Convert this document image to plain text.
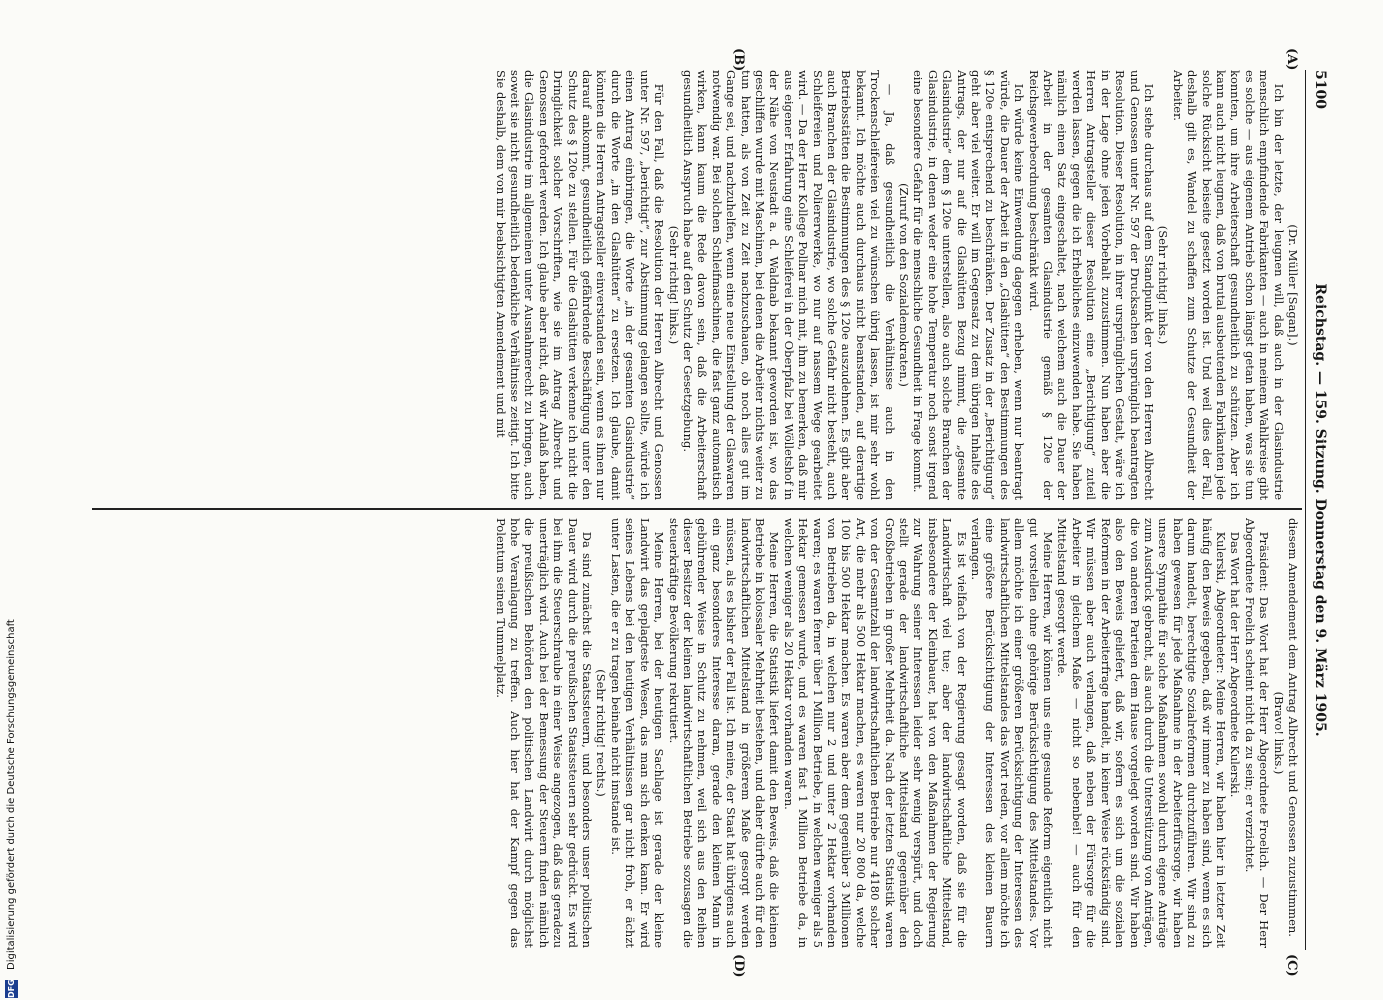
5100
Reichstag. — 159. Sitzung. Donnerstag den 9. März 1905.
(A)
(B)
(C)
(D)

(Dr. Müller [Sagan].)

Ich bin der letzte, der leugnen will, daß auch in der Glasindustrie menschlich empfindende Fabrikanten — auch in meinem Wahlkreise gibt es solche — aus eigenem Antrieb schon längst getan haben, was sie tun konnten, um ihre Arbeiterschaft gesundheitlich zu schützen. Aber ich kann auch nicht leugnen, daß von brutal ausbeutenden Fabrikanten jede solche Rücksicht beiseite gesetzt worden ist. Und weil dies der Fall, deshalb gilt es, Wandel zu schaffen zum Schutze der Gesundheit der Arbeiter.

(Sehr richtig! links.)

Ich stehe durchaus auf dem Standpunkt der von den Herren Albrecht und Genossen unter Nr. 597 der Drucksachen ursprünglich beantragten Resolution. Dieser Resolution, in ihrer ursprünglichen Gestalt, wäre ich in der Lage ohne jeden Vorbehalt zuzustimmen. Nun haben aber die Herren Antragsteller dieser Resolution eine „Berichtigung“ zuteil werden lassen, gegen die ich Erhebliches einzuwenden habe. Sie haben nämlich einen Satz eingeschaltet, nach welchem auch die Dauer der Arbeit in der gesamten Glasindustrie gemäß § 120e der Reichsgewerbeordnung beschränkt wird.

Ich würde keine Einwendung dagegen erheben, wenn nur beantragt würde, die Dauer der Arbeit in den „Glashütten“ den Bestimmungen des § 120e entsprechend zu beschränken. Der Zusatz in der „Berichtigung“ geht aber viel weiter. Er will im Gegensatz zu dem übrigen Inhalte des Antrags, der nur auf die Glashütten Bezug nimmt, die „gesamte Glasindustrie“ dem § 120e unterstellen, also auch solche Branchen der Glasindustrie, in denen weder eine hohe Temperatur noch sonst irgend eine besondere Gefahr für die menschliche Gesundheit in Frage kommt.

(Zuruf von den Sozialdemokraten.)

— Ja, daß gesundheitlich die Verhältnisse auch in den Trockenschleifereien viel zu wünschen übrig lassen, ist mir sehr wohl bekannt. Ich möchte auch durchaus nicht beanstanden, auf derartige Betriebsstätten die Bestimmungen des § 120e auszudehnen. Es gibt aber auch Branchen der Glasindustrie, wo solche Gefahr nicht besteht, auch Schleifereien und Poliererwerke, wo nur auf nassem Wege gearbeitet wird. — Da der Herr Kollege Pollnar mich mit, ihm zu bemerken, daß mir aus eigener Erfahrung eine Schleiferei in der Oberpfalz bei Wölletshof in der Nähe von Neustadt a. d. Waldnab bekannt geworden ist, wo das geschliffen wurde mit Maschinen, bei denen die Arbeiter nichts weiter zu tun hatten, als von Zeit zu Zeit nachzuschauen, ob noch alles gut im Gange sei, und nachzuhelfen, wenn eine neue Einstellung der Glaswaren notwendig war. Bei solchen Schleifmaschinen, die fast ganz automatisch wirken, kann kaum die Rede davon sein, daß die Arbeiterschaft gesundheitlich Anspruch habe auf den Schutz der Gesetzgebung.

(Sehr richtig! links.)

Für den Fall, daß die Resolution der Herren Albrecht und Genossen unter Nr. 597, „berichtigt“, zur Abstimmung gelangen sollte, würde ich einen Antrag einbringen, die Worte „in der gesamten Glasindustrie“ durch die Worte „in den Glashütten“ zu ersetzen. Ich glaube, damit könnten die Herren Antragsteller einverstanden sein, wenn es ihnen nur darauf ankommt, gesundheitlich gefährdende Beschäftigung unter den Schutz des § 120e zu stellen. Für die Glashütten verkenne ich nicht die Dringlichkeit solcher Vorschriften, wie sie im Antrag Albrecht und Genossen gefordert werden. Ich glaube aber nicht, daß wir Anlaß haben, die Glasindustrie im allgemeinen unter Ausnahmerecht zu bringen, auch soweit sie nicht gesundheitlich bedenkliche Verhältnisse zeitigt. Ich bitte Sie deshalb, dem von mir beabsichtigten Amendement und mit

diesem Amendement dem Antrag Albrecht und Genossen zuzustimmen.

(Bravo! links.)

Präsident: Das Wort hat der Herr Abgeordnete Froelich. — Der Herr Abgeordnete Froelich scheint nicht da zu sein; er verzichtet.

Das Wort hat der Herr Abgeordnete Kulerski.

Kulerski, Abgeordneter: Meine Herren, wir haben hier in letzter Zeit häufig den Beweis gegeben, daß wir immer zu haben sind, wenn es sich darum handelt, berechtigte Sozialreformen durchzuführen. Wir sind zu haben gewesen für jede Maßnahme in der Arbeiterfürsorge, wir haben unsere Sympathie für solche Maßnahmen sowohl durch eigene Anträge zum Ausdruck gebracht, als auch durch die Unterstützung von Anträgen, die von anderen Parteien dem Hause vorgelegt worden sind. Wir haben also den Beweis geliefert, daß wir, sofern es sich um die sozialen Reformen in der Arbeiterfrage handelt, in keiner Weise rückständig sind. Wir müssen aber auch verlangen, daß neben der Fürsorge für die Arbeiter in gleichem Maße — nicht so nebenbei! — auch für den Mittelstand gesorgt werde.

Meine Herren, wir können uns eine gesunde Reform eigentlich nicht gut vorstellen ohne gehörige Berücksichtigung des Mittelstandes. Vor allem möchte ich einer größeren Berücksichtigung der Interessen des landwirtschaftlichen Mittelstandes das Wort reden, vor allem möchte ich eine größere Berücksichtigung der Interessen des kleinen Bauern verlangen.

Es ist vielfach von der Regierung gesagt worden, daß sie für die Landwirtschaft viel tue; aber der landwirtschaftliche Mittelstand, insbesondere der Kleinbauer, hat von den Maßnahmen der Regierung zur Wahrung seiner Interessen leider sehr wenig verspürt, und doch stellt gerade der landwirtschaftliche Mittelstand gegenüber den Großbetrieben in großer Mehrheit da. Nach der letzten Statistik waren von der Gesamtzahl der landwirtschaftlichen Betriebe nur 4180 solcher Art, die mehr als 500 Hektar machen, es waren nur 20 800 da, welche 100 bis 500 Hektar machen. Es waren aber dem gegenüber 3 Millionen von Betrieben da, in welchen nur 2 und unter 2 Hektar vorhanden waren; es waren ferner über 1 Million Betriebe, in welchen weniger als 5 Hektar gemessen wurde, und es waren fast 1 Million Betriebe da, in welchen weniger als 20 Hektar vorhanden waren.

Meine Herren, die Statistik liefert damit den Beweis, daß die kleinen Betriebe in kolossaler Mehrheit bestehen, und daher dürfte auch für den landwirtschaftlichen Mittelstand in größerem Maße gesorgt werden müssen, als es bisher der Fall ist. Ich meine, der Staat hat übrigens auch ein ganz besonderes Interesse daran, gerade den kleinen Mann in gebührender Weise in Schutz zu nehmen, weil sich aus den Reihen dieser Besitzer der kleinen landwirtschaftlichen Betriebe sozusagen die steuerkräftige Bevölkerung rekrutiert.

Meine Herren, bei der heutigen Sachlage ist gerade der kleine Landwirt das geplagteste Wesen, das man sich denken kann. Er wird seines Lebens bei den heutigen Verhältnissen gar nicht froh, er ächzt unter Lasten, die er zu tragen beinahe nicht imstande ist.

(Sehr richtig! rechts.)

Da sind zunächst die Staatssteuern, und besonders unser politischen Dauer wird durch die preußischen Staatssteuern sehr gedrückt. Es wird bei ihm die Steuerschraube in einer Weise angezogen, daß das geradezu unerträglich wird. Auch bei der Bemessung der Steuern finden nämlich die preußischen Behörden den politischen Landwirt durch möglichst hohe Veranlagung zu treffen. Auch hier hat der Kampf gegen das Polentum seinen Tummelplatz.

DFG
Digitalisierung gefördert durch die Deutsche Forschungsgemeinschaft
